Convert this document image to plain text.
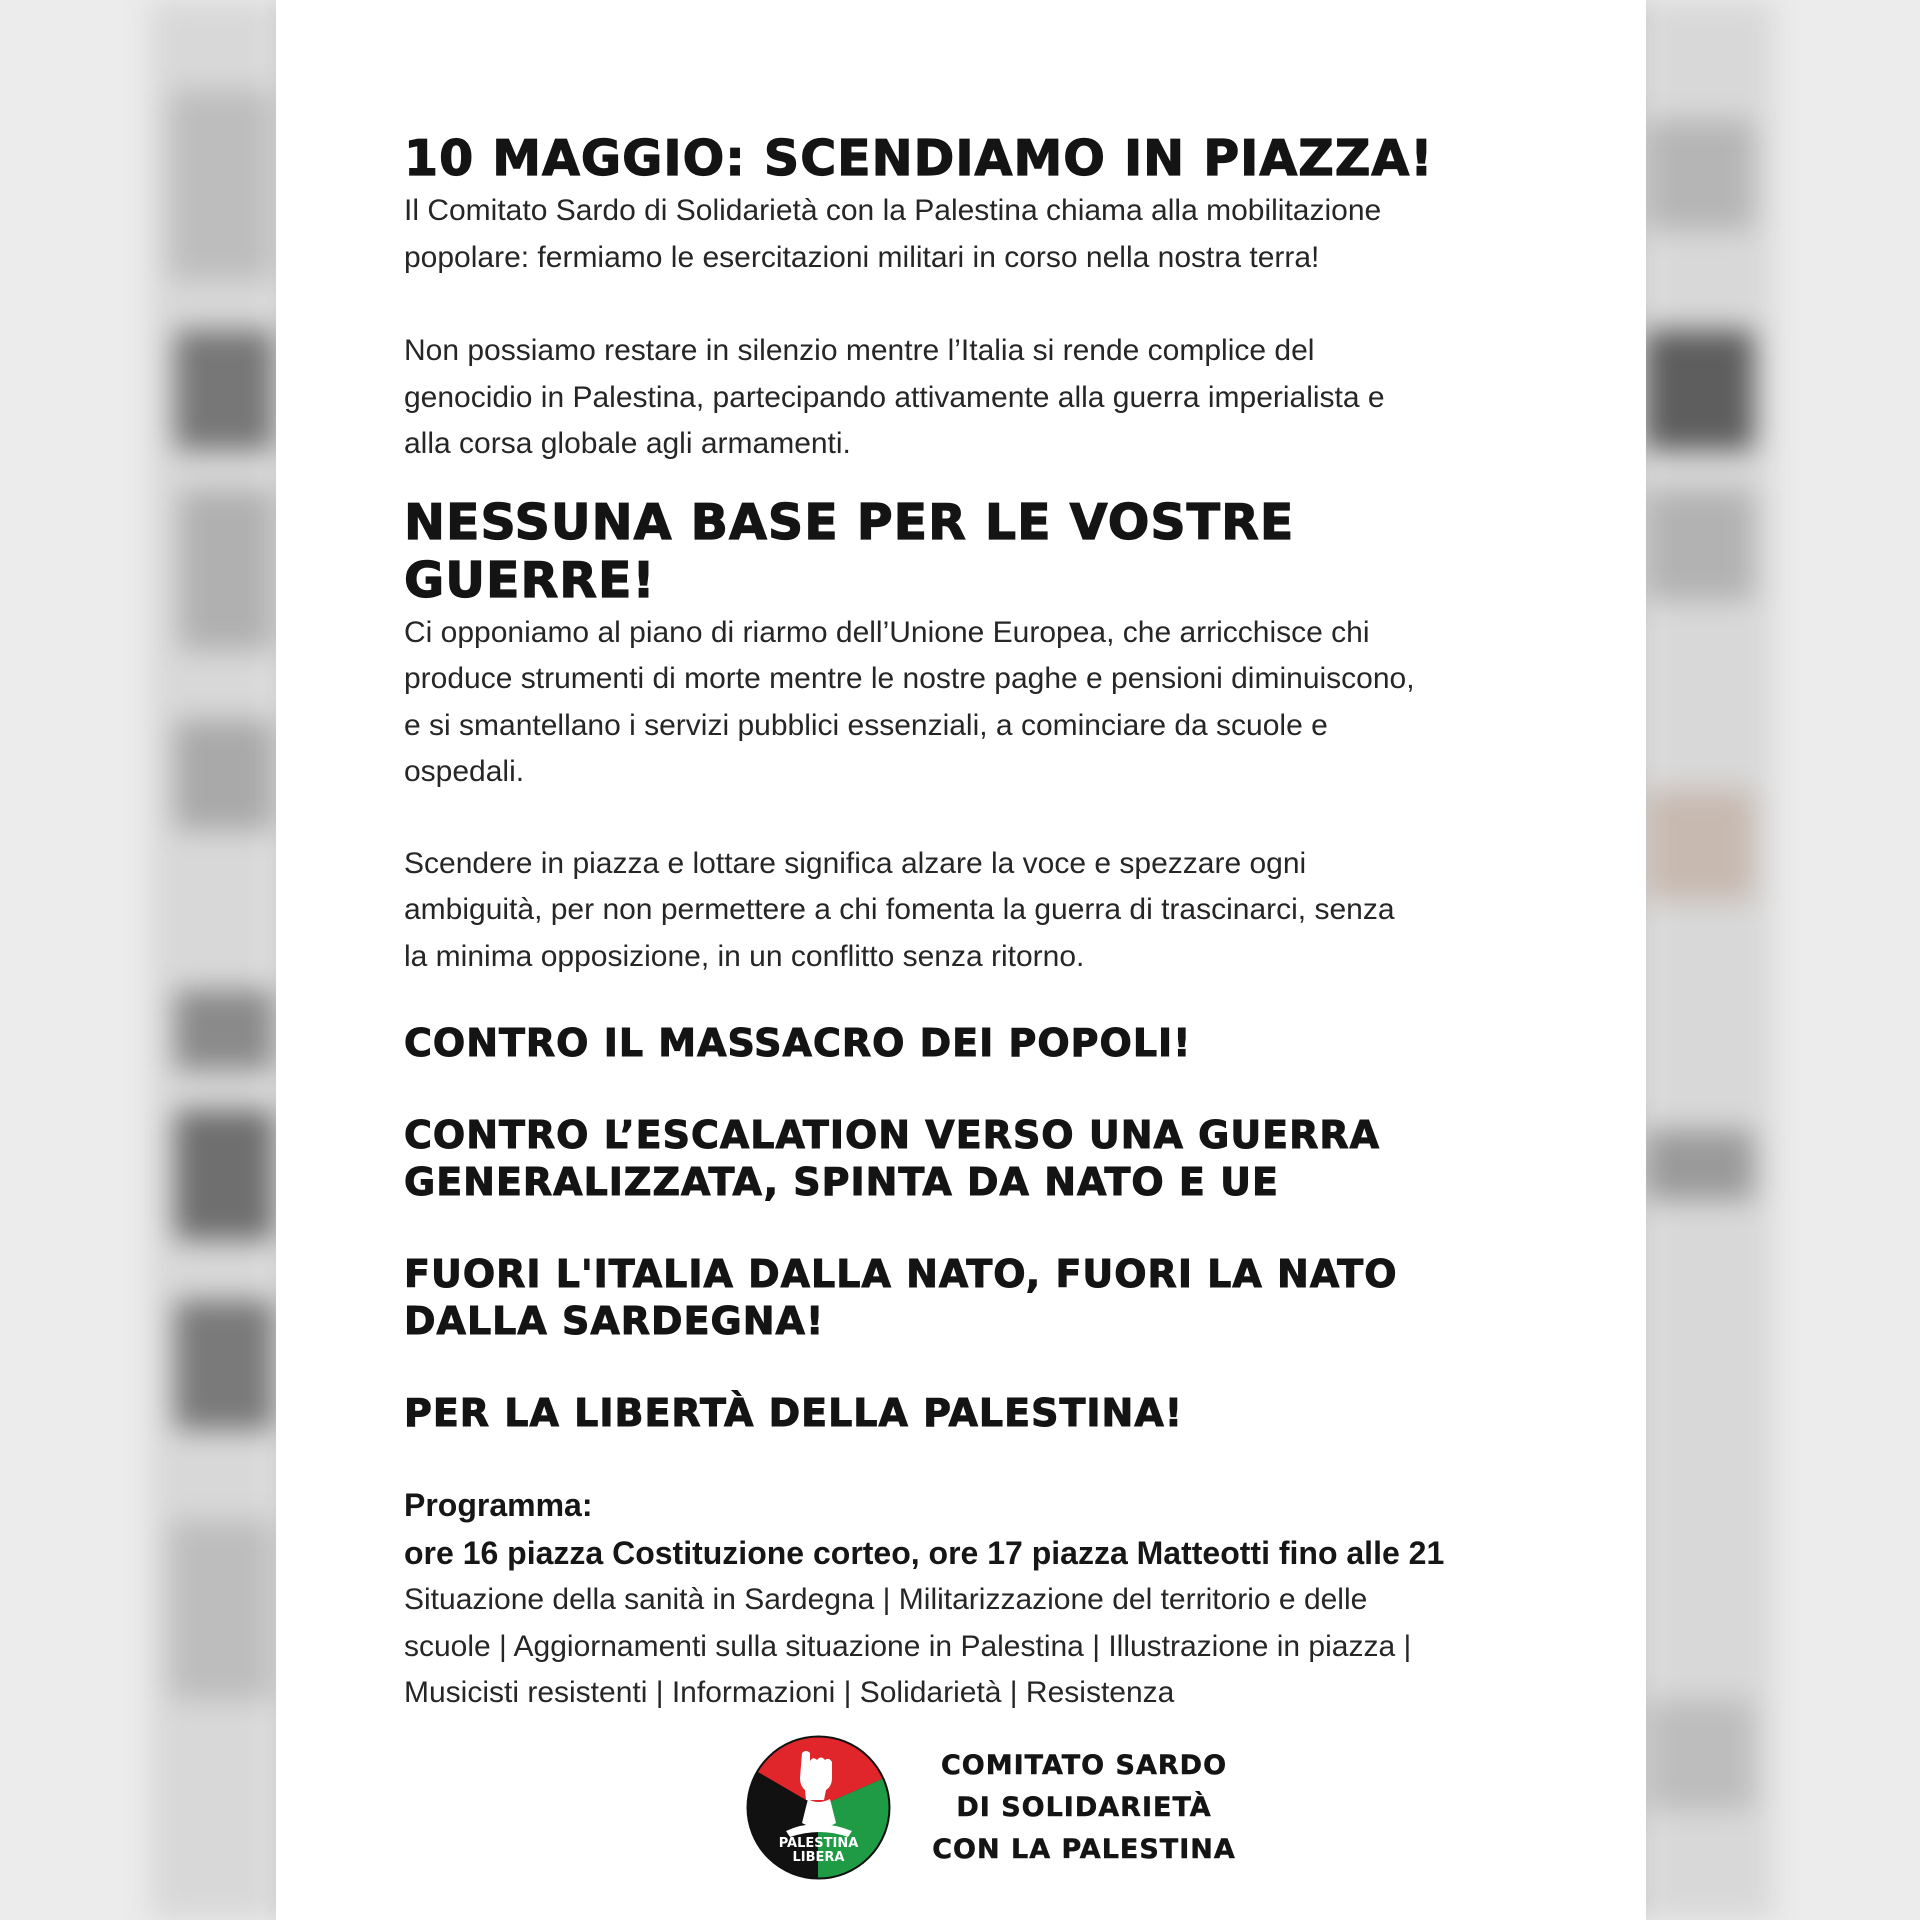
10 MAGGIO: SCENDIAMO IN PIAZZA!

Il Comitato Sardo di Solidarietà con la Palestina chiama alla mobilitazione

popolare: fermiamo le esercitazioni militari in corso nella nostra terra!

Non possiamo restare in silenzio mentre l’Italia si rende complice del

genocidio in Palestina, partecipando attivamente alla guerra imperialista e

alla corsa globale agli armamenti.

NESSUNA BASE PER LE VOSTRE GUERRE!

Ci opponiamo al piano di riarmo dell’Unione Europea, che arricchisce chi

produce strumenti di morte mentre le nostre paghe e pensioni diminuiscono,

e si smantellano i servizi pubblici essenziali, a cominciare da scuole e

ospedali.

Scendere in piazza e lottare significa alzare la voce e spezzare ogni

ambiguità, per non permettere a chi fomenta la guerra di trascinarci, senza

la minima opposizione, in un conflitto senza ritorno.

CONTRO IL MASSACRO DEI POPOLI!
CONTRO L’ESCALATION VERSO UNA GUERRA
GENERALIZZATA, SPINTA DA NATO E UE
FUORI L'ITALIA DALLA NATO, FUORI LA NATO
DALLA SARDEGNA!
PER LA LIBERTÀ DELLA PALESTINA!

Programma:

ore 16 piazza Costituzione corteo, ore 17 piazza Matteotti fino alle 21

Situazione della sanità in Sardegna | Militarizzazione del territorio e delle

scuole | Aggiornamenti sulla situazione in Palestina | Illustrazione in piazza |

Musicisti resistenti | Informazioni | Solidarietà | Resistenza

PALESTINA
LIBERA
COMITATO SARDO
DI SOLIDARIETÀ
CON LA PALESTINA
